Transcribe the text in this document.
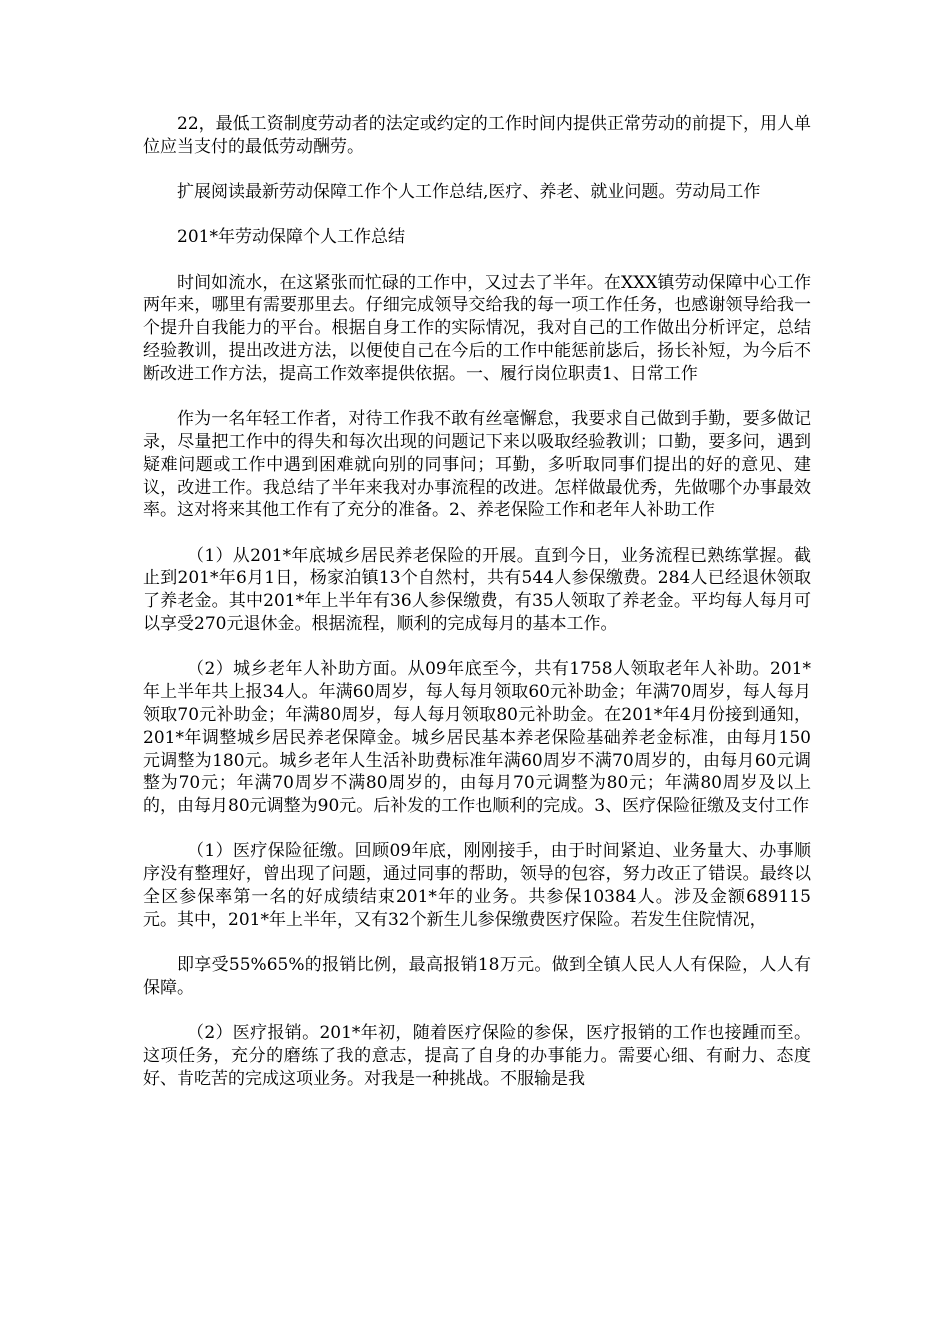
22，最低工资制度劳动者的法定或约定的工作时间内提供正常劳动的前提下，用人单位应当支付的最低劳动酬劳。

扩展阅读最新劳动保障工作个人工作总结,医疗、养老、就业问题。劳动局工作

201*年劳动保障个人工作总结

时间如流水，在这紧张而忙碌的工作中，又过去了半年。在XXX镇劳动保障中心工作两年来，哪里有需要那里去。仔细完成领导交给我的每一项工作任务，也感谢领导给我一个提升自我能力的平台。根据自身工作的实际情况，我对自己的工作做出分析评定，总结经验教训，提出改进方法，以便使自己在今后的工作中能惩前毖后，扬长补短，为今后不断改进工作方法，提高工作效率提供依据。一、履行岗位职责1、日常工作

作为一名年轻工作者，对待工作我不敢有丝毫懈怠，我要求自己做到手勤，要多做记录，尽量把工作中的得失和每次出现的问题记下来以吸取经验教训；口勤，要多问，遇到疑难问题或工作中遇到困难就向别的同事问；耳勤，多听取同事们提出的好的意见、建议，改进工作。我总结了半年来我对办事流程的改进。怎样做最优秀，先做哪个办事最效率。这对将来其他工作有了充分的准备。2、养老保险工作和老年人补助工作

（1）从201*年底城乡居民养老保险的开展。直到今日，业务流程已熟练掌握。截止到201*年6月1日，杨家泊镇13个自然村，共有544人参保缴费。284人已经退休领取了养老金。其中201*年上半年有36人参保缴费，有35人领取了养老金。平均每人每月可以享受270元退休金。根据流程，顺利的完成每月的基本工作。

（2）城乡老年人补助方面。从09年底至今，共有1758人领取老年人补助。201*年上半年共上报34人。年满60周岁，每人每月领取60元补助金；年满70周岁，每人每月领取70元补助金；年满80周岁，每人每月领取80元补助金。在201*年4月份接到通知，201*年调整城乡居民养老保障金。城乡居民基本养老保险基础养老金标准，由每月150元调整为180元。城乡老年人生活补助费标准年满60周岁不满70周岁的，由每月60元调整为70元；年满70周岁不满80周岁的，由每月70元调整为80元；年满80周岁及以上的，由每月80元调整为90元。后补发的工作也顺利的完成。3、医疗保险征缴及支付工作

（1）医疗保险征缴。回顾09年底，刚刚接手，由于时间紧迫、业务量大、办事顺序没有整理好，曾出现了问题，通过同事的帮助，领导的包容，努力改正了错误。最终以全区参保率第一名的好成绩结束201*年的业务。共参保10384人。涉及金额689115元。其中，201*年上半年，又有32个新生儿参保缴费医疗保险。若发生住院情况，

即享受55%65%的报销比例，最高报销18万元。做到全镇人民人人有保险，人人有保障。

（2）医疗报销。201*年初，随着医疗保险的参保，医疗报销的工作也接踵而至。这项任务，充分的磨练了我的意志，提高了自身的办事能力。需要心细、有耐力、态度好、肯吃苦的完成这项业务。对我是一种挑战。不服输是我
